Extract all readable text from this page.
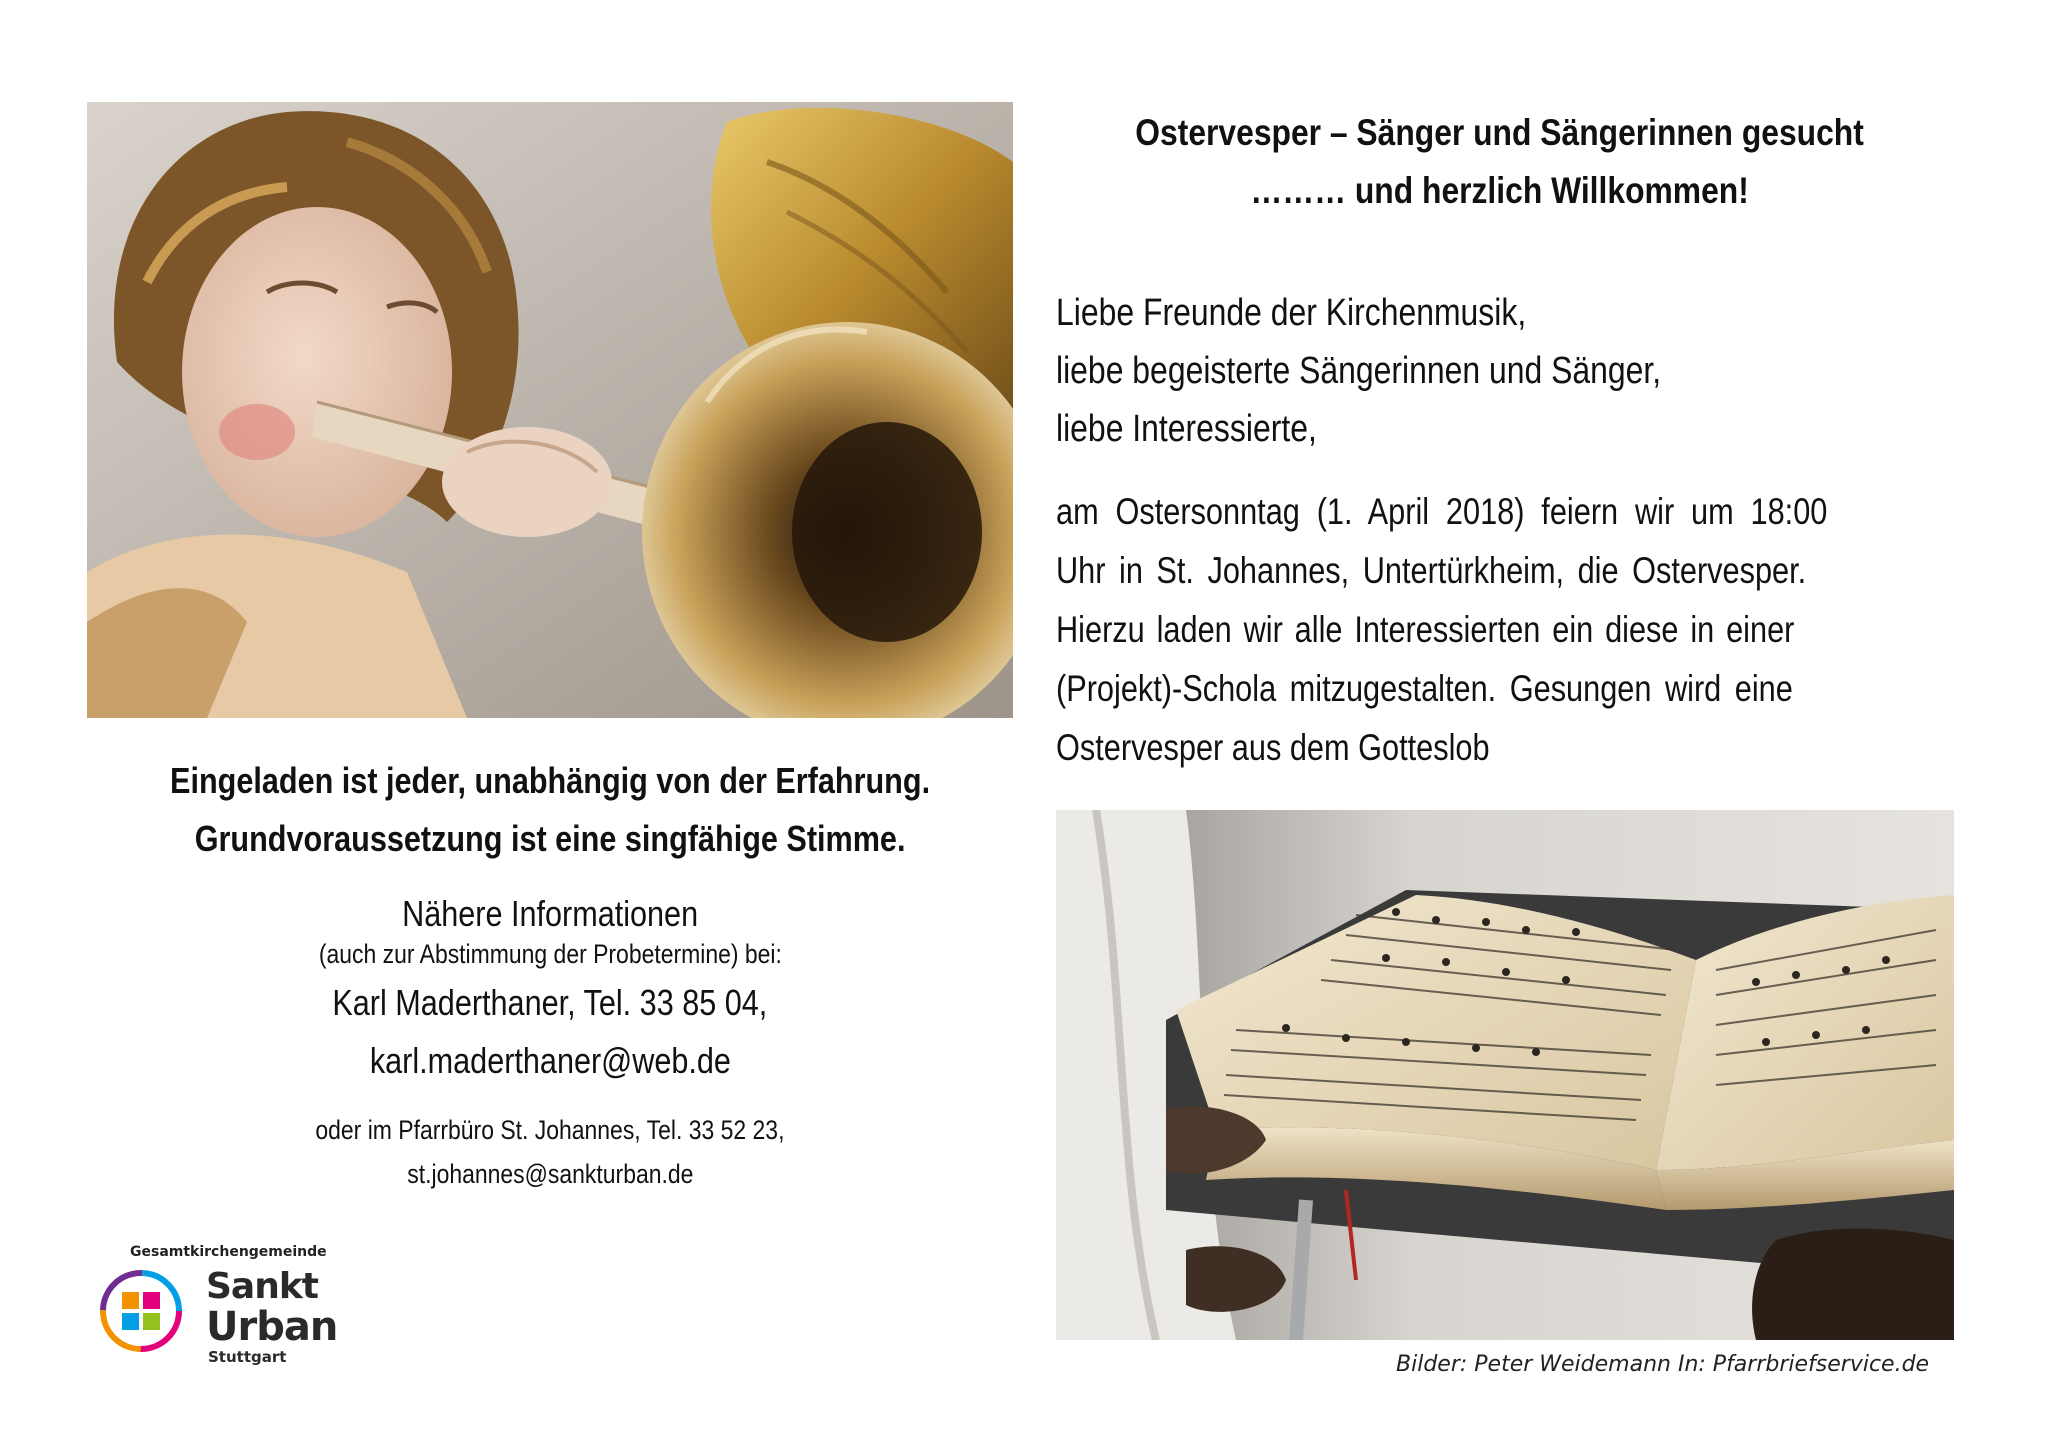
Ostervesper – Sänger und Sängerinnen gesucht
……… und herzlich Willkommen!
Liebe Freunde der Kirchenmusik,
liebe begeisterte Sängerinnen und Sänger,
liebe Interessierte,
am Ostersonntag (1. April 2018) feiern wir um 18:00
Uhr in St. Johannes, Untertürkheim, die Ostervesper.
Hierzu laden wir alle Interessierten ein diese in einer
(Projekt)-Schola mitzugestalten. Gesungen wird eine
Ostervesper aus dem Gotteslob
Eingeladen ist jeder, unabhängig von der Erfahrung.
Grundvoraussetzung ist eine singfähige Stimme.
Nähere Informationen
(auch zur Abstimmung der Probetermine) bei:
Karl Maderthaner, Tel. 33 85 04,
karl.maderthaner@web.de
oder im Pfarrbüro St. Johannes, Tel. 33 52 23,
st.johannes@sankturban.de
Gesamtkirchengemeinde
Sankt
Urban
Stuttgart	Bilder: Peter Weidemann In: Pfarrbriefservice.de
